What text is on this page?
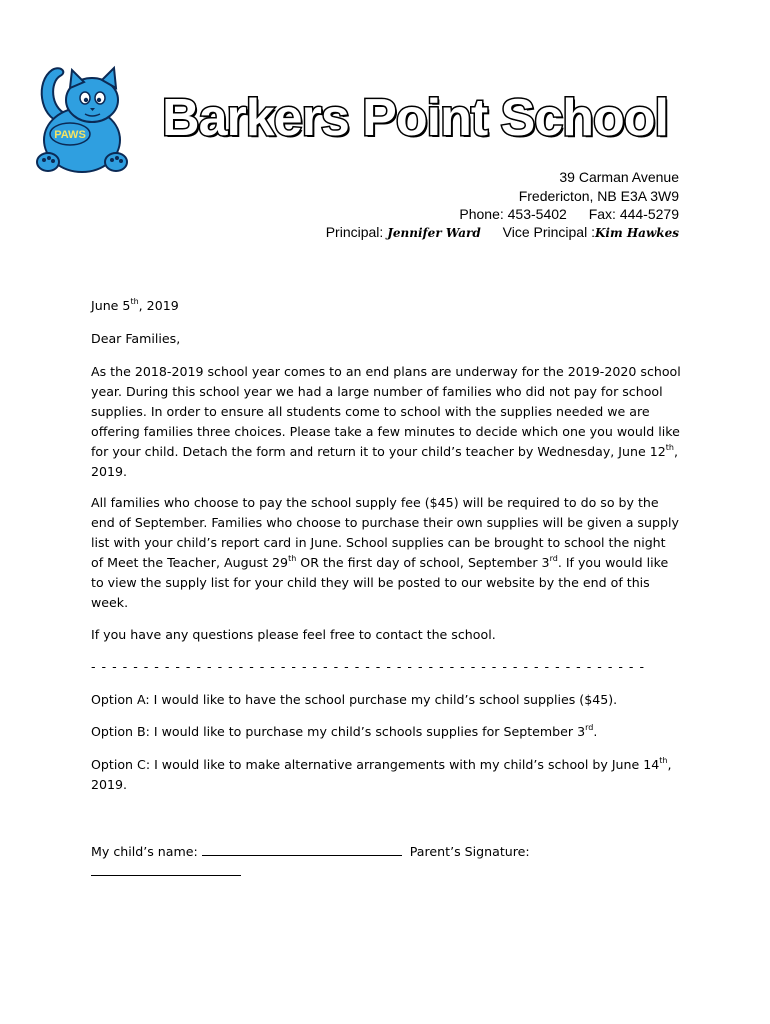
PAWS Barkers Point School
39 Carman Avenue
Fredericton, NB E3A 3W9
Phone: 453-5402 Fax: 444-5279
Principal: Jennifer Ward Vice Principal :Kim Hawkes
June 5th, 2019
Dear Families,
As the 2018-2019 school year comes to an end plans are underway for the 2019-2020 school year. During this school year we had a large number of families who did not pay for school supplies. In order to ensure all students come to school with the supplies needed we are offering families three choices. Please take a few minutes to decide which one you would like for your child. Detach the form and return it to your child’s teacher by Wednesday, June 12th, 2019.
All families who choose to pay the school supply fee ($45) will be required to do so by the end of September. Families who choose to purchase their own supplies will be given a supply list with your child’s report card in June. School supplies can be brought to school the night of Meet the Teacher, August 29th OR the first day of school, September 3rd. If you would like to view the supply list for your child they will be posted to our website by the end of this week.
If you have any questions please feel free to contact the school.
- - - - - - - - - - - - - - - - - - - - - - - - - - - - - - - - - - - - - - - - - - - - - - - - - - - - -
Option A: I would like to have the school purchase my child’s school supplies ($45).
Option B: I would like to purchase my child’s schools supplies for September 3rd.
Option C: I would like to make alternative arrangements with my child’s school by June 14th, 2019.
My child’s name:	Parent’s Signature:
